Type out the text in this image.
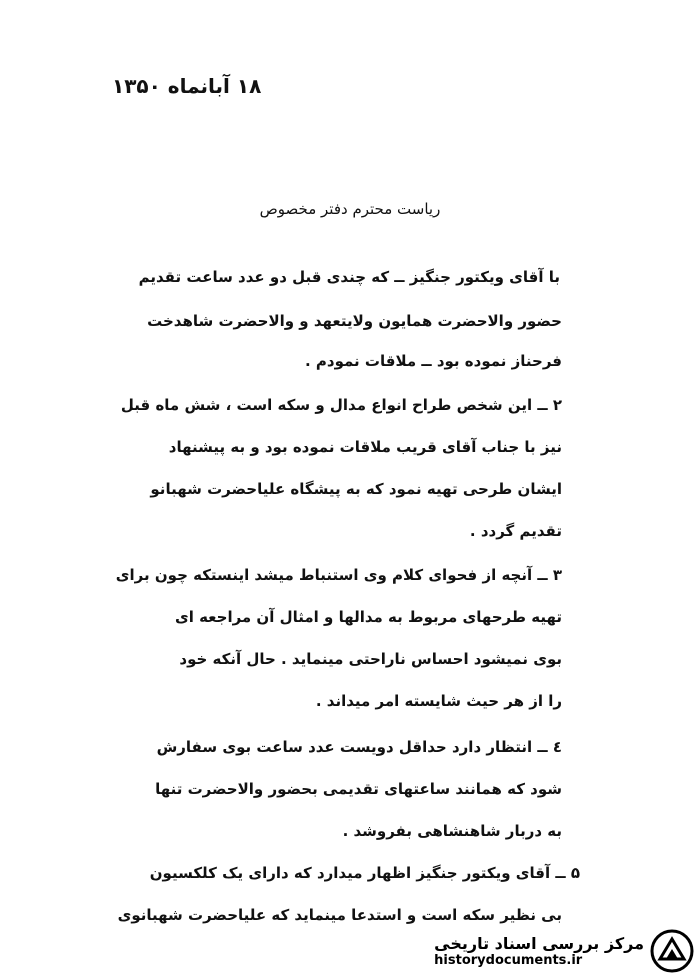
۱۸ آبانماه ۱۳۵۰
ریاست محترم دفتر مخصوص
با آقای ویکتور جنگیز ــ که چندی قبل دو عدد ساعت تقدیم
حضور والاحضرت همایون ولایتعهد و والاحضرت شاهدخت
فرحناز نموده بود ــ ملاقات نمودم .
۲ ــ این شخص طراح انواع مدال و سکه است ، شش ماه قبل
نیز با جناب آقای قریب ملاقات نموده بود و به پیشنهاد
ایشان طرحی تهیه نمود که به پیشگاه علیاحضرت شهبانو
تقدیم گردد .
۳ ــ آنچه از فحوای کلام وی استنباط میشد اینستکه چون برای
تهیه طرحهای مربوط به مدالها و امثال آن مراجعه ای
بوی نمیشود احساس ناراحتی مینماید . حال آنکه خود
را از هر حیث شایسته امر میداند .
٤ ــ انتظار دارد حداقل دویست عدد ساعت بوی سفارش
شود که همانند ساعتهای تقدیمی بحضور والاحضرت تنها
به دربار شاهنشاهی بفروشد .
۵ ــ آقای ویکتور جنگیز اظهار میدارد که دارای یک کلکسیون
بی نظیر سکه است و استدعا مینماید که علیاحضرت شهبانوی
مرکز بررسی اسناد تاریخی
historydocuments.ir
